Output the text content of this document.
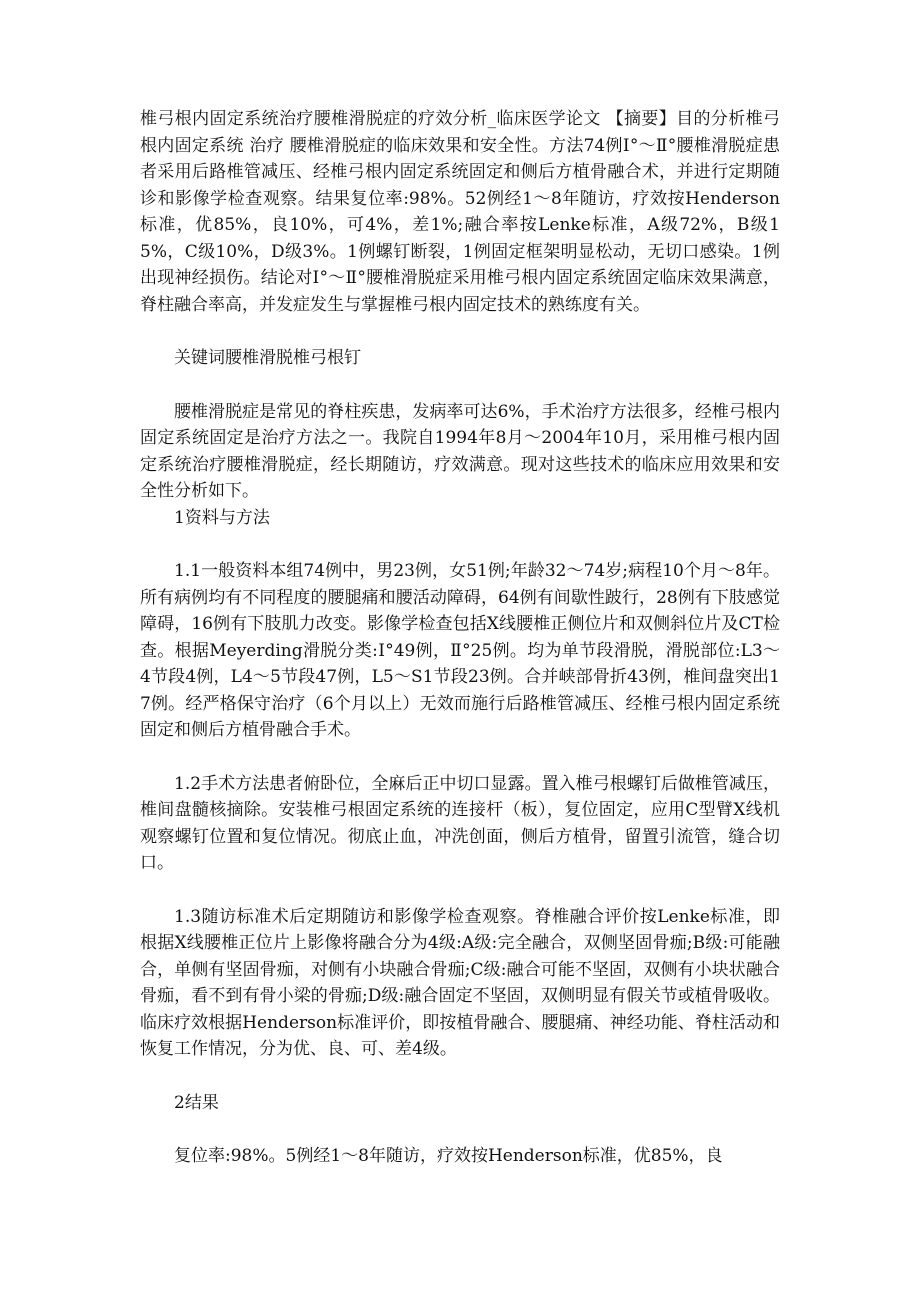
椎弓根内固定系统治疗腰椎滑脱症的疗效分析_临床医学论文 【摘要】目的分析椎弓根内固定系统 治疗 腰椎滑脱症的临床效果和安全性。方法74例Ⅰ°～Ⅱ°腰椎滑脱症患者采用后路椎管减压、经椎弓根内固定系统固定和侧后方植骨融合术，并进行定期随诊和影像学检查观察。结果复位率:98%。52例经1～8年随访，疗效按Henderson标准，优85%，良10%，可4%，差1%;融合率按Lenke标准，A级72%，B级15%，C级10%，D级3%。1例螺钉断裂，1例固定框架明显松动，无切口感染。1例出现神经损伤。结论对Ⅰ°～Ⅱ°腰椎滑脱症采用椎弓根内固定系统固定临床效果满意，脊柱融合率高，并发症发生与掌握椎弓根内固定技术的熟练度有关。

关键词腰椎滑脱椎弓根钉

腰椎滑脱症是常见的脊柱疾患，发病率可达6%，手术治疗方法很多，经椎弓根内固定系统固定是治疗方法之一。我院自1994年8月～2004年10月，采用椎弓根内固定系统治疗腰椎滑脱症，经长期随访，疗效满意。现对这些技术的临床应用效果和安全性分析如下。

1资料与方法

1.1一般资料本组74例中，男23例，女51例;年龄32～74岁;病程10个月～8年。所有病例均有不同程度的腰腿痛和腰活动障碍，64例有间歇性跛行，28例有下肢感觉障碍，16例有下肢肌力改变。影像学检查包括X线腰椎正侧位片和双侧斜位片及CT检查。根据Meyerding滑脱分类:Ⅰ°49例，Ⅱ°25例。均为单节段滑脱，滑脱部位:L3～4节段4例，L4～5节段47例，L5～S1节段23例。合并峡部骨折43例，椎间盘突出17例。经严格保守治疗（6个月以上）无效而施行后路椎管减压、经椎弓根内固定系统固定和侧后方植骨融合手术。

1.2手术方法患者俯卧位，全麻后正中切口显露。置入椎弓根螺钉后做椎管减压，椎间盘髓核摘除。安装椎弓根固定系统的连接杆（板），复位固定，应用C型臂X线机观察螺钉位置和复位情况。彻底止血，冲洗创面，侧后方植骨，留置引流管，缝合切口。

1.3随访标准术后定期随访和影像学检查观察。脊椎融合评价按Lenke标准，即根据X线腰椎正位片上影像将融合分为4级:A级:完全融合，双侧坚固骨痂;B级:可能融合，单侧有坚固骨痂，对侧有小块融合骨痂;C级:融合可能不坚固，双侧有小块状融合骨痂，看不到有骨小梁的骨痂;D级:融合固定不坚固，双侧明显有假关节或植骨吸收。临床疗效根据Henderson标准评价，即按植骨融合、腰腿痛、神经功能、脊柱活动和恢复工作情况，分为优、良、可、差4级。

2结果

复位率:98%。5例经1～8年随访，疗效按Henderson标准，优85%，良
